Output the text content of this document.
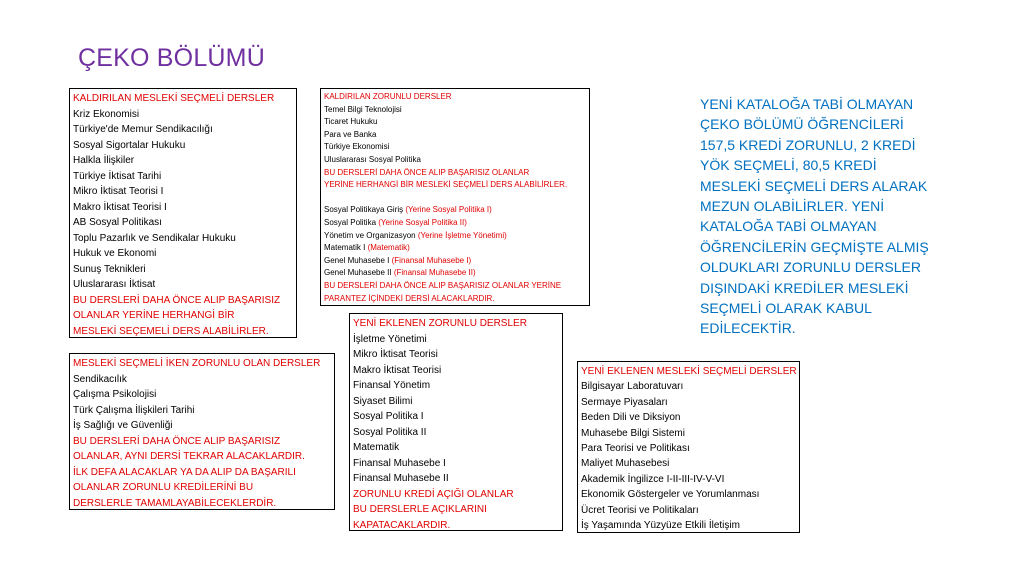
ÇEKO BÖLÜMÜ
KALDIRILAN MESLEKİ SEÇMELİ DERSLER
Kriz Ekonomisi
Türkiye'de Memur Sendikacılığı
Sosyal Sigortalar Hukuku
Halkla İlişkiler
Türkiye İktisat Tarihi
Mikro İktisat Teorisi I
Makro İktisat Teorisi I
AB Sosyal Politikası
Toplu Pazarlık ve Sendikalar Hukuku
Hukuk ve Ekonomi
Sunuş Teknikleri
Uluslararası İktisat
BU DERSLERİ DAHA ÖNCE ALIP BAŞARISIZ
OLANLAR YERİNE HERHANGİ BİR
MESLEKİ SEÇEMELİ DERS ALABİLİRLER.
KALDIRILAN ZORUNLU DERSLER
Temel Bilgi Teknolojisi
Ticaret Hukuku
Para ve Banka
Türkiye Ekonomisi
Uluslararası Sosyal Politika
BU DERSLERİ DAHA ÖNCE ALIP BAŞARISIZ OLANLAR
YERİNE HERHANGİ BİR MESLEKİ SEÇMELİ DERS ALABİLİRLER.
Sosyal Politikaya Giriş (Yerine Sosyal Politika I)
Sosyal Politika (Yerine Sosyal Politika II)
Yönetim ve Organizasyon (Yerine İşletme Yönetimi)
Matematik I (Matematik)
Genel Muhasebe I (Finansal Muhasebe I)
Genel Muhasebe II (Finansal Muhasebe II)
BU DERSLERİ DAHA ÖNCE ALIP BAŞARISIZ OLANLAR YERİNE
PARANTEZ İÇİNDEKİ DERSİ ALACAKLARDIR.
MESLEKİ SEÇMELİ İKEN ZORUNLU OLAN DERSLER
Sendikacılık
Çalışma Psikolojisi
Türk Çalışma İlişkileri Tarihi
İş Sağlığı ve Güvenliği
BU DERSLERİ DAHA ÖNCE ALIP BAŞARISIZ
OLANLAR, AYNI DERSİ TEKRAR ALACAKLARDIR.
İLK DEFA ALACAKLAR YA DA ALIP DA BAŞARILI
OLANLAR ZORUNLU KREDİLERİNİ BU
DERSLERLE TAMAMLAYABİLECEKLERDİR.
YENİ EKLENEN ZORUNLU DERSLER
İşletme Yönetimi
Mikro İktisat Teorisi
Makro İktisat Teorisi
Finansal Yönetim
Siyaset Bilimi
Sosyal Politika I
Sosyal Politika II
Matematik
Finansal Muhasebe I
Finansal Muhasebe II
ZORUNLU KREDİ AÇIĞI OLANLAR
BU DERSLERLE AÇIKLARINI
KAPATACAKLARDIR.
YENİ EKLENEN MESLEKİ SEÇMELİ DERSLER
Bilgisayar Laboratuvarı
Sermaye Piyasaları
Beden Dili ve Diksiyon
Muhasebe Bilgi Sistemi
Para Teorisi ve Politikası
Maliyet Muhasebesi
Akademik İngilizce I-II-III-IV-V-VI
Ekonomik Göstergeler ve Yorumlanması
Ücret Teorisi ve Politikaları
İş Yaşamında Yüzyüze Etkili İletişim
YENİ KATALOĞA TABİ OLMAYAN
ÇEKO BÖLÜMÜ ÖĞRENCİLERİ
157,5 KREDİ ZORUNLU, 2 KREDİ
YÖK SEÇMELİ, 80,5 KREDİ
MESLEKİ SEÇMELİ DERS ALARAK
MEZUN OLABİLİRLER. YENİ
KATALOĞA TABİ OLMAYAN
ÖĞRENCİLERİN GEÇMİŞTE ALMIŞ
OLDUKLARI ZORUNLU DERSLER
DIŞINDAKİ KREDİLER MESLEKİ
SEÇMELİ OLARAK KABUL
EDİLECEKTİR.
